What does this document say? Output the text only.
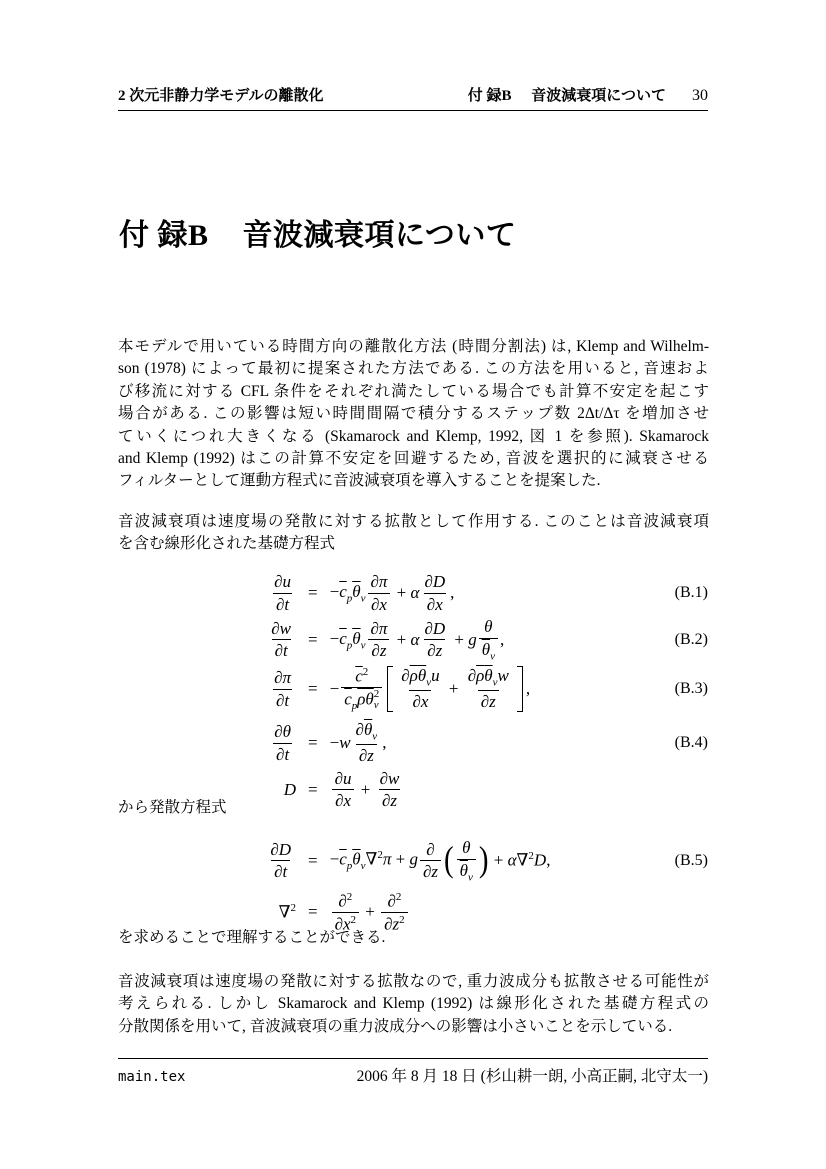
2 次元非静力学モデルの離散化	付 録B 音波減衰項について 30
付 録B 音波減衰項について
本モデルで用いている時間方向の離散化方法 (時間分割法) は, Klemp and Wilhelm-
son (1978) によって最初に提案された方法である. この方法を用いると, 音速およ
び移流に対する CFL 条件をそれぞれ満たしている場合でも計算不安定を起こす
場合がある. この影響は短い時間間隔で積分するステップ数 2Δt/Δτ を増加させ
ていくにつれ大きくなる (Skamarock and Klemp, 1992, 図 1 を参照). Skamarock
and Klemp (1992) はこの計算不安定を回避するため, 音波を選択的に減衰させる
フィルターとして運動方程式に音波減衰項を導入することを提案した.
音波減衰項は速度場の発散に対する拡散として作用する. このことは音波減衰項
を含む線形化された基礎方程式
$\frac{\partial u}{\partial t} = -\overline{c}_p\overline{\theta}_v \frac{\partial\pi}{\partial x} + \alpha \frac{\partial D}{\partial x}$ ,	(B.1)
$\frac{\partial w}{\partial t} = -\overline{c}_p\overline{\theta}_v \frac{\partial\pi}{\partial z} + \alpha \frac{\partial D}{\partial z} + g \frac{\theta}{\overline{\theta}_v}$ ,	(B.2)
$\frac{\partial\pi}{\partial t}$ = − $\overline{c}^2$
$\overline{c}_p\overline{\rho}\overline{\theta}$ 2
v $\frac{\partial\overline{\rho}\overline{\theta}_vu}{\partial x} + \frac{\partial\overline{\rho}\overline{\theta}_vw}{\partial z}$ ,	(B.3)
$\frac{\partial\theta}{\partial t} = -w \frac{\partial\overline{\theta}_v}{\partial z}$ ,	(B.4)
$D = \frac{\partial u}{\partial x} + \frac{\partial w}{\partial z}$
から発散方程式
$\frac{\partial D}{\partial t} = -\overline{c}_p\overline{\theta}_v\nabla^2\pi + g \frac{\partial}{\partial z}$ ( $\frac{\theta}{\overline{\theta}_v}$ ) + α∇$^2$D,	(B.5)
$\nabla^2 = \frac{\partial^2}{\partial x^2} + \frac{\partial^2}{\partial z^2}$
を求めることで理解することができる.
音波減衰項は速度場の発散に対する拡散なので, 重力波成分も拡散させる可能性が
考えられる. しかし Skamarock and Klemp (1992) は線形化された基礎方程式の
分散関係を用いて, 音波減衰項の重力波成分への影響は小さいことを示している.
main.tex	2006 年 8 月 18 日 (杉山耕一朗, 小高正嗣, 北守太一)
